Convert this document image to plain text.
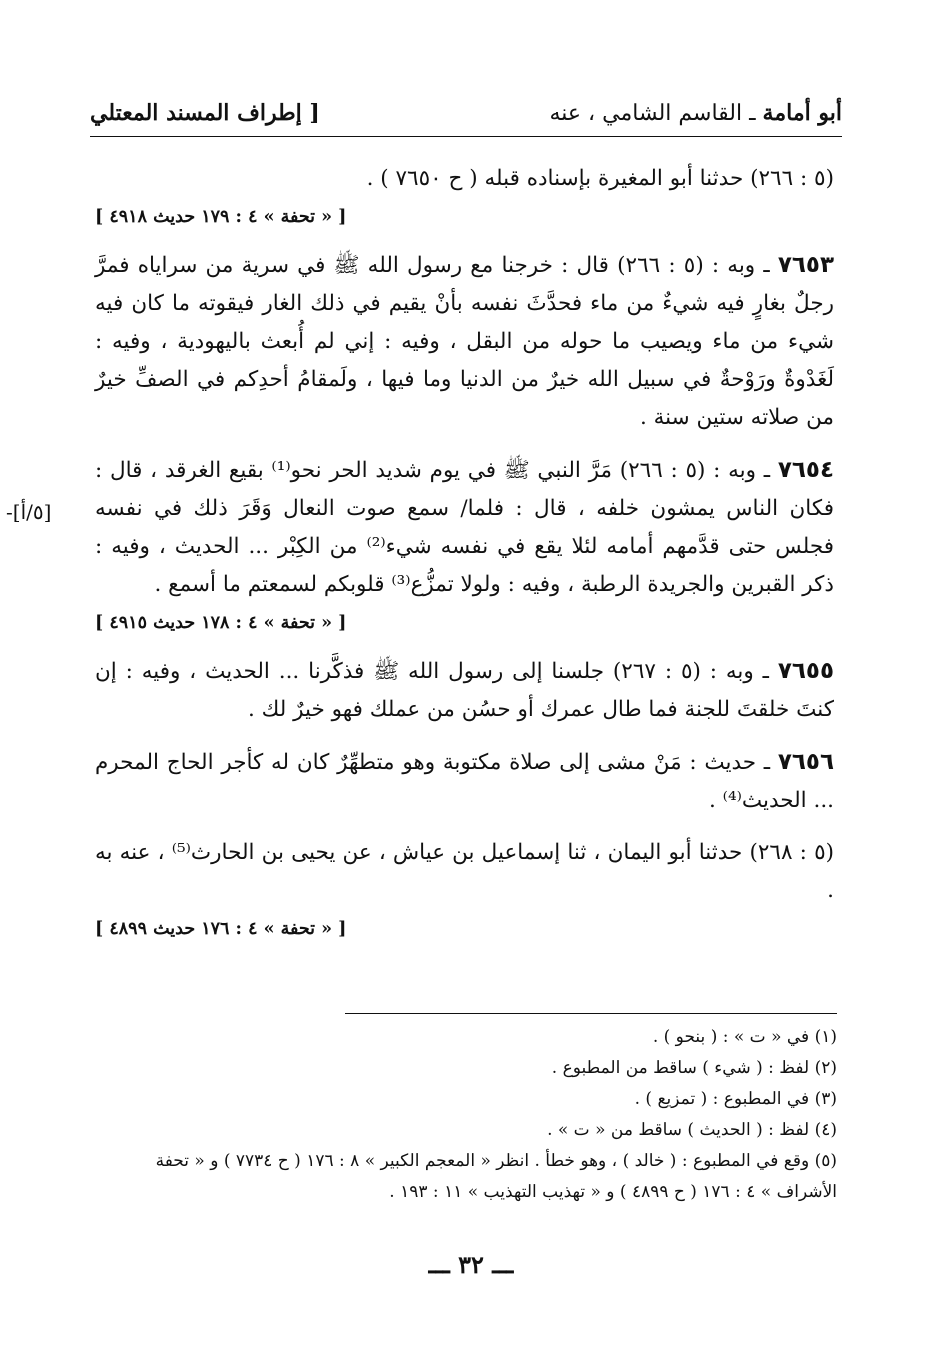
أبو أمامة ـ القاسم الشامي ، عنه
[ إطراف المسند المعتلي
-[٥/أ]

(٥ : ٢٦٦) حدثنا أبو المغيرة بإسناده قبله ( ح ٧٦٥٠ ) .

[ « تحفة » ٤ : ١٧٩ حديث ٤٩١٨ ]

٧٦٥٣ ـ وبه : (٥ : ٢٦٦) قال : خرجنا مع رسول الله ﷺ في سرية من سراياه فمرَّ رجلٌ بغارٍ فيه شيءٌ من ماء فحدَّثَ نفسه بأنْ يقيم في ذلك الغار فيقوته ما كان فيه شيء من ماء ويصيب ما حوله من البقل ، وفيه : إني لم أُبعث باليهودية ، وفيه : لَغَدْوةٌ ورَوْحةٌ في سبيل الله خيرٌ من الدنيا وما فيها ، ولَمقامُ أحدِكم في الصفِّ خيرٌ من صلاته ستين سنة .

٧٦٥٤ ـ وبه : (٥ : ٢٦٦) مَرَّ النبي ﷺ في يوم شديد الحر نحو⁽¹⁾ بقيع الغرقد ، قال : فكان الناس يمشون خلفه ، قال : فلما/ سمع صوت النعال وَقَرَ ذلك في نفسه فجلس حتى قدَّمهم أمامه لئلا يقع في نفسه شيء⁽²⁾ من الكِبْر ... الحديث ، وفيه : ذكر القبرين والجريدة الرطبة ، وفيه : ولولا تمزُّع⁽³⁾ قلوبكم لسمعتم ما أسمع .

[ « تحفة » ٤ : ١٧٨ حديث ٤٩١٥ ]

٧٦٥٥ ـ وبه : (٥ : ٢٦٧) جلسنا إلى رسول الله ﷺ فذكَّرنا ... الحديث ، وفيه : إن كنتَ خلقتَ للجنة فما طال عمرك أو حسُن من عملك فهو خيرٌ لك .

٧٦٥٦ ـ حديث : مَنْ مشى إلى صلاة مكتوبة وهو متطهِّرٌ كان له كأجر الحاج المحرم ... الحديث⁽⁴⁾ .

(٥ : ٢٦٨) حدثنا أبو اليمان ، ثنا إسماعيل بن عياش ، عن يحيى بن الحارث⁽⁵⁾ ، عنه به .

[ « تحفة » ٤ : ١٧٦ حديث ٤٨٩٩ ]

(١) في « ت » : ( بنحو ) .
(٢) لفظ : ( شيء ) ساقط من المطبوع .
(٣) في المطبوع : ( تمزيع ) .
(٤) لفظ : ( الحديث ) ساقط من « ت » .
(٥) وقع في المطبوع : ( خالد ) ، وهو خطأ . انظر « المعجم الكبير » ٨ : ١٧٦ ( ح ٧٧٣٤ ) و « تحفة الأشراف » ٤ : ١٧٦ ( ح ٤٨٩٩ ) و « تهذيب التهذيب » ١١ : ١٩٣ .
ـــ ٣٢ ـــ
